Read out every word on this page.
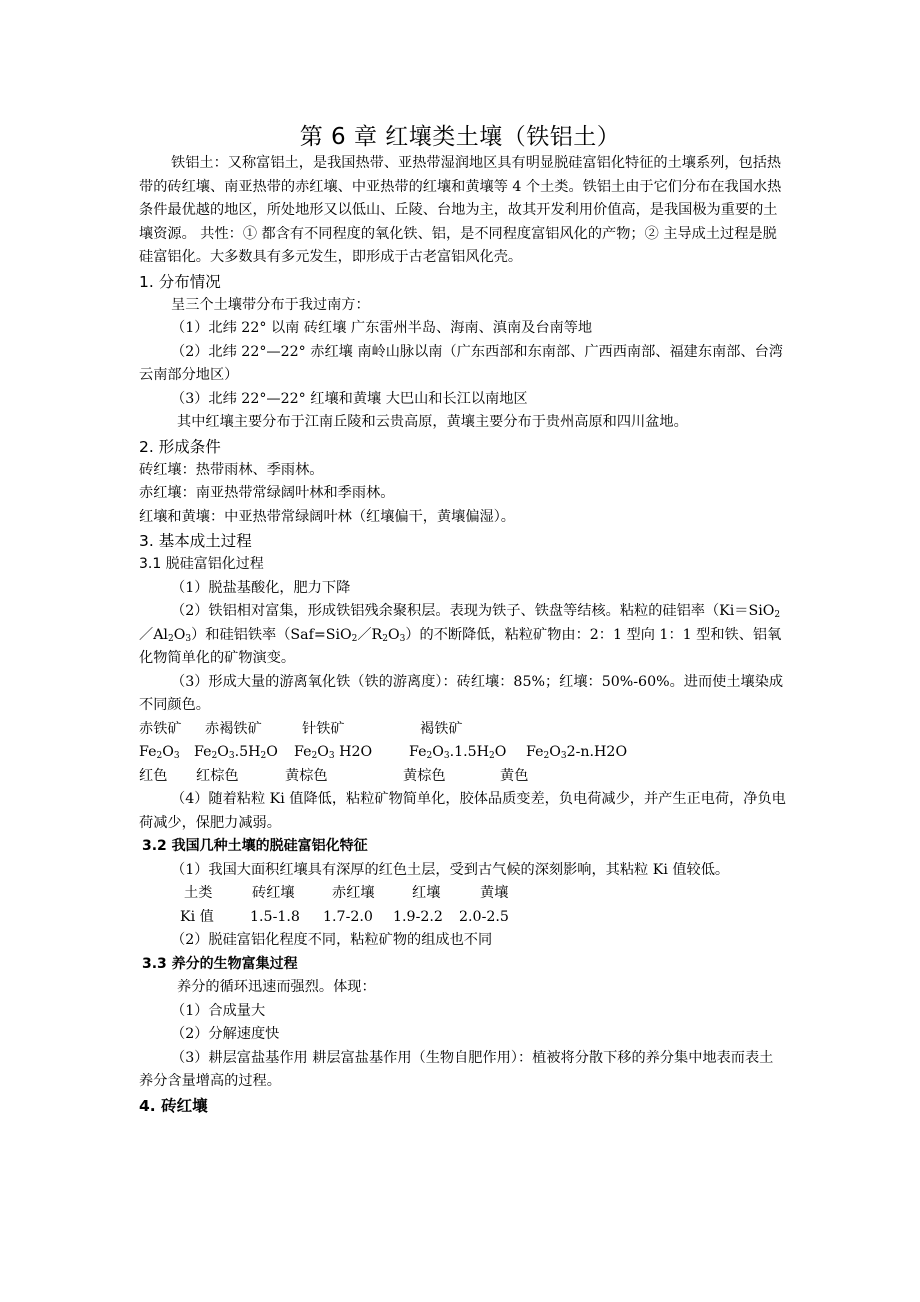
第 6 章 红壤类土壤（铁铝土）

铁铝土：又称富铝土，是我国热带、亚热带湿润地区具有明显脱硅富铝化特征的土壤系列，包括热带的砖红壤、南亚热带的赤红壤、中亚热带的红壤和黄壤等 4 个土类。铁铝土由于它们分布在我国水热条件最优越的地区，所处地形又以低山、丘陵、台地为主，故其开发利用价值高，是我国极为重要的土壤资源。 共性：① 都含有不同程度的氧化铁、铝，是不同程度富铝风化的产物；② 主导成土过程是脱硅富铝化。大多数具有多元发生，即形成于古老富铝风化壳。

1. 分布情况

呈三个土壤带分布于我过南方：

（1）北纬 22° 以南 砖红壤 广东雷州半岛、海南、滇南及台南等地

（2）北纬 22°—22° 赤红壤 南岭山脉以南（广东西部和东南部、广西西南部、福建东南部、台湾云南部分地区）

（3）北纬 22°—22° 红壤和黄壤 大巴山和长江以南地区

其中红壤主要分布于江南丘陵和云贵高原，黄壤主要分布于贵州高原和四川盆地。

2. 形成条件

砖红壤：热带雨林、季雨林。

赤红壤：南亚热带常绿阔叶林和季雨林。

红壤和黄壤：中亚热带常绿阔叶林（红壤偏干，黄壤偏湿）。

3. 基本成土过程

3.1 脱硅富铝化过程

（1）脱盐基酸化，肥力下降

（2）铁铝相对富集，形成铁铝残余聚积层。表现为铁子、铁盘等结核。粘粒的硅铝率$(Ki=SiO_2/Al_2O_3)$和硅铝铁率$(Saf=SiO_2/R_2O_3)$的不断降低，粘粒矿物由：2：1 型向 1：1 型和铁、铝氧化物简单化的矿物演变。

（3）形成大量的游离氧化铁（铁的游离度）：砖红壤：85%；红壤：50%-60%。进而使土壤染成不同颜色。

赤铁矿 赤褐铁矿	针铁矿	褐铁矿

$Fe_2O_3$ $Fe_2O_3.5H_2O$ $Fe_2O_3$ H2O	$Fe_2O_3.1.5H_2O$ $Fe_2O_32-n.H2O$

红色 红棕色	黄棕色	黄棕色	黄色

（4）随着粘粒 Ki 值降低，粘粒矿物简单化，胶体品质变差，负电荷减少，并产生正电荷，净负电荷减少，保肥力减弱。

3.2 我国几种土壤的脱硅富铝化特征

（1）我国大面积红壤具有深厚的红色土层，受到古气候的深刻影响，其粘粒 Ki 值较低。

土类	砖红壤	赤红壤	红壤	黄壤

Ki 值	1.5-1.8 1.7-2.0 1.9-2.2 2.0-2.5

（2）脱硅富铝化程度不同，粘粒矿物的组成也不同

3.3 养分的生物富集过程

养分的循环迅速而强烈。体现：

（1）合成量大

（2）分解速度快

（3）耕层富盐基作用 耕层富盐基作用（生物自肥作用）：植被将分散下移的养分集中地表而表土养分含量增高的过程。

4. 砖红壤
